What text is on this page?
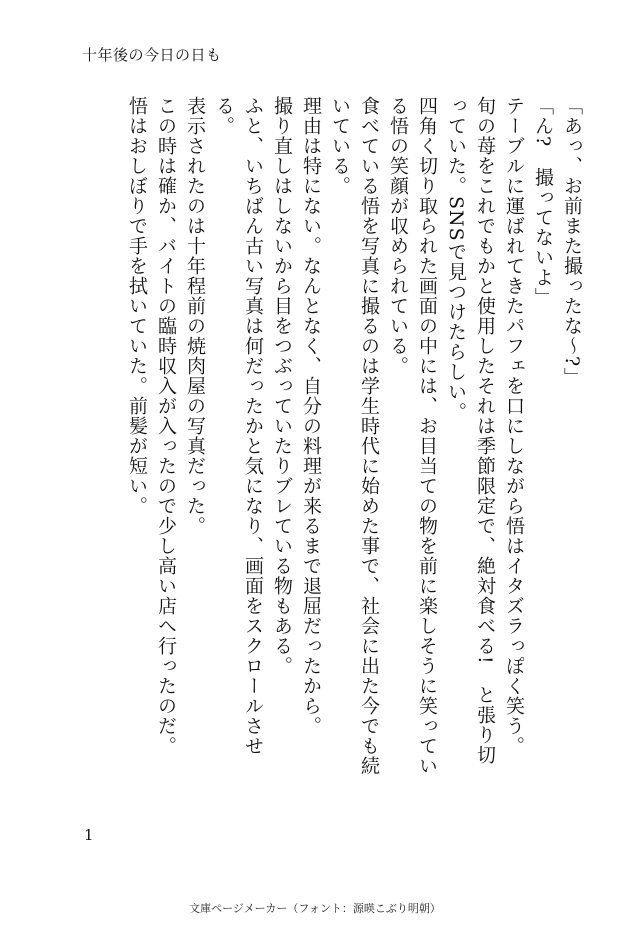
十年後の今日の日も

「あっ、お前また撮ったな〜?」

「ん?　撮ってないよ」

テーブルに運ばれてきたパフェを口にしながら悟はイタズラっぽく笑う。

旬の苺をこれでもかと使用したそれは季節限定で、絶対食べる!　と張り切っていた。SNSで見つけたらしい。

四角く切り取られた画面の中には、お目当ての物を前に楽しそうに笑っている悟の笑顔が収められている。

食べている悟を写真に撮るのは学生時代に始めた事で、社会に出た今でも続いている。

理由は特にない。なんとなく、自分の料理が来るまで退屈だったから。

撮り直しはしないから目をつぶっていたりブレている物もある。

ふと、いちばん古い写真は何だったかと気になり、画面をスクロールさせる。

表示されたのは十年程前の焼肉屋の写真だった。

この時は確か、バイトの臨時収入が入ったので少し高い店へ行ったのだ。

悟はおしぼりで手を拭いていた。前髪が短い。

1
文庫ページメーカー（フォント：源暎こぶり明朝）
